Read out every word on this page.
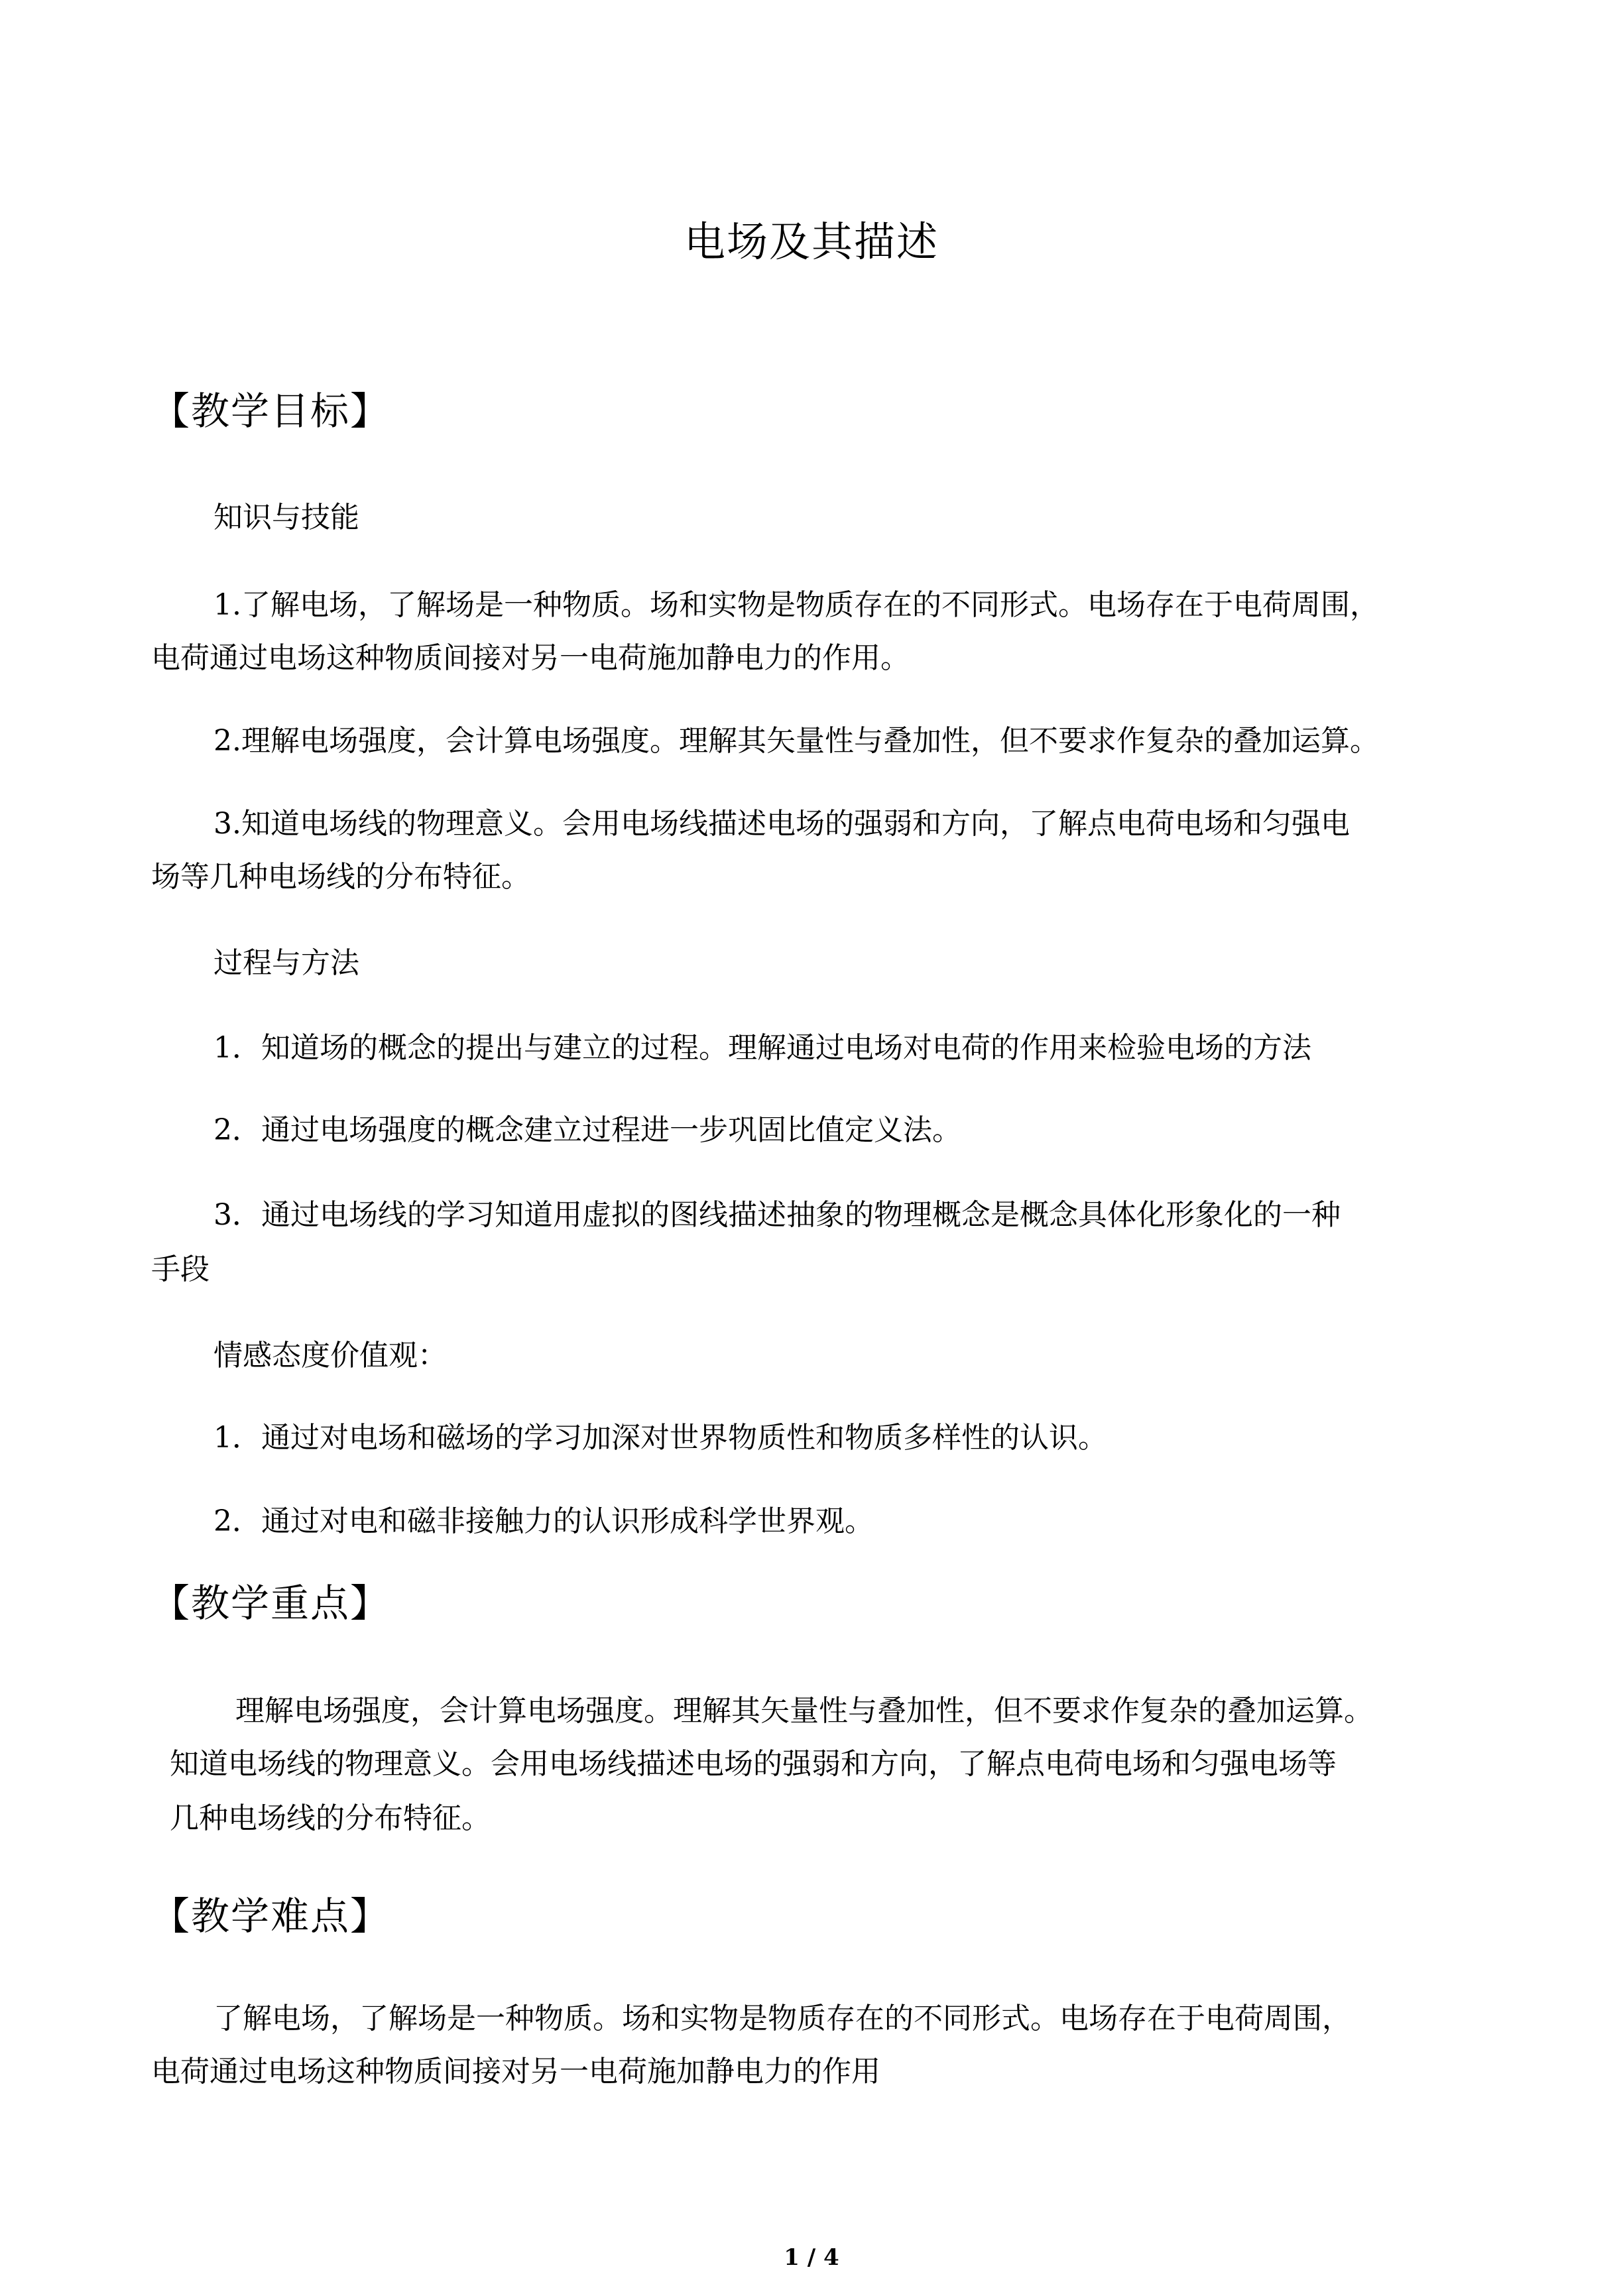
电场及其描述
【教学目标】
知识与技能
1.了解电场，了解场是一种物质。场和实物是物质存在的不同形式。电场存在于电荷周围，
电荷通过电场这种物质间接对另一电荷施加静电力的作用。
2.理解电场强度，会计算电场强度。理解其矢量性与叠加性，但不要求作复杂的叠加运算。
3.知道电场线的物理意义。会用电场线描述电场的强弱和方向，了解点电荷电场和匀强电
场等几种电场线的分布特征。
过程与方法
1．知道场的概念的提出与建立的过程。理解通过电场对电荷的作用来检验电场的方法
2．通过电场强度的概念建立过程进一步巩固比值定义法。
3．通过电场线的学习知道用虚拟的图线描述抽象的物理概念是概念具体化形象化的一种
手段
情感态度价值观：
1．通过对电场和磁场的学习加深对世界物质性和物质多样性的认识。
2．通过对电和磁非接触力的认识形成科学世界观。
【教学重点】
理解电场强度，会计算电场强度。理解其矢量性与叠加性，但不要求作复杂的叠加运算。
知道电场线的物理意义。会用电场线描述电场的强弱和方向，了解点电荷电场和匀强电场等
几种电场线的分布特征。
【教学难点】
了解电场，了解场是一种物质。场和实物是物质存在的不同形式。电场存在于电荷周围，
电荷通过电场这种物质间接对另一电荷施加静电力的作用
1 / 4
